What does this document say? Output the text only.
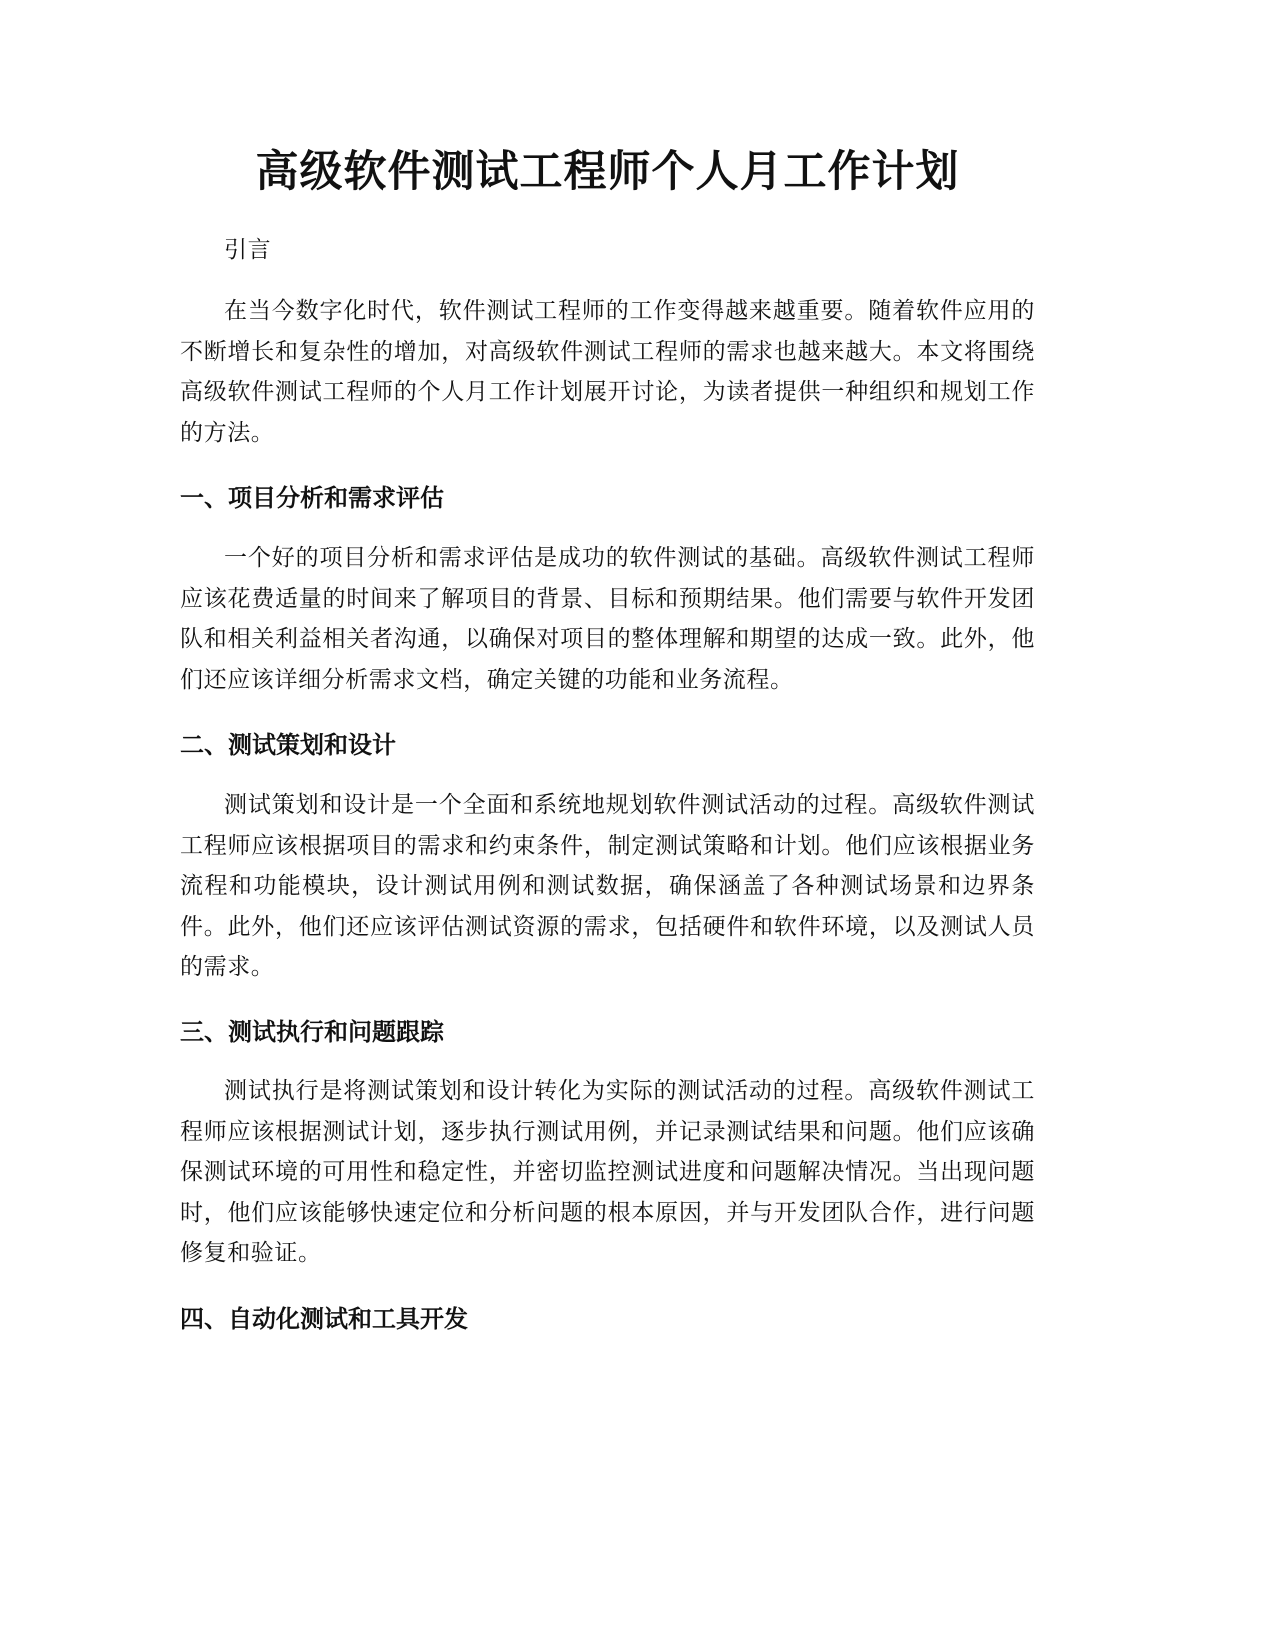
高级软件测试工程师个人月工作计划

引言

在当今数字化时代，软件测试工程师的工作变得越来越重要。随着软件应用的不断增长和复杂性的增加，对高级软件测试工程师的需求也越来越大。本文将围绕高级软件测试工程师的个人月工作计划展开讨论，为读者提供一种组织和规划工作的方法。

一、项目分析和需求评估

一个好的项目分析和需求评估是成功的软件测试的基础。高级软件测试工程师应该花费适量的时间来了解项目的背景、目标和预期结果。他们需要与软件开发团队和相关利益相关者沟通，以确保对项目的整体理解和期望的达成一致。此外，他们还应该详细分析需求文档，确定关键的功能和业务流程。

二、测试策划和设计

测试策划和设计是一个全面和系统地规划软件测试活动的过程。高级软件测试工程师应该根据项目的需求和约束条件，制定测试策略和计划。他们应该根据业务流程和功能模块，设计测试用例和测试数据，确保涵盖了各种测试场景和边界条件。此外，他们还应该评估测试资源的需求，包括硬件和软件环境，以及测试人员的需求。

三、测试执行和问题跟踪

测试执行是将测试策划和设计转化为实际的测试活动的过程。高级软件测试工程师应该根据测试计划，逐步执行测试用例，并记录测试结果和问题。他们应该确保测试环境的可用性和稳定性，并密切监控测试进度和问题解决情况。当出现问题时，他们应该能够快速定位和分析问题的根本原因，并与开发团队合作，进行问题修复和验证。

四、自动化测试和工具开发
